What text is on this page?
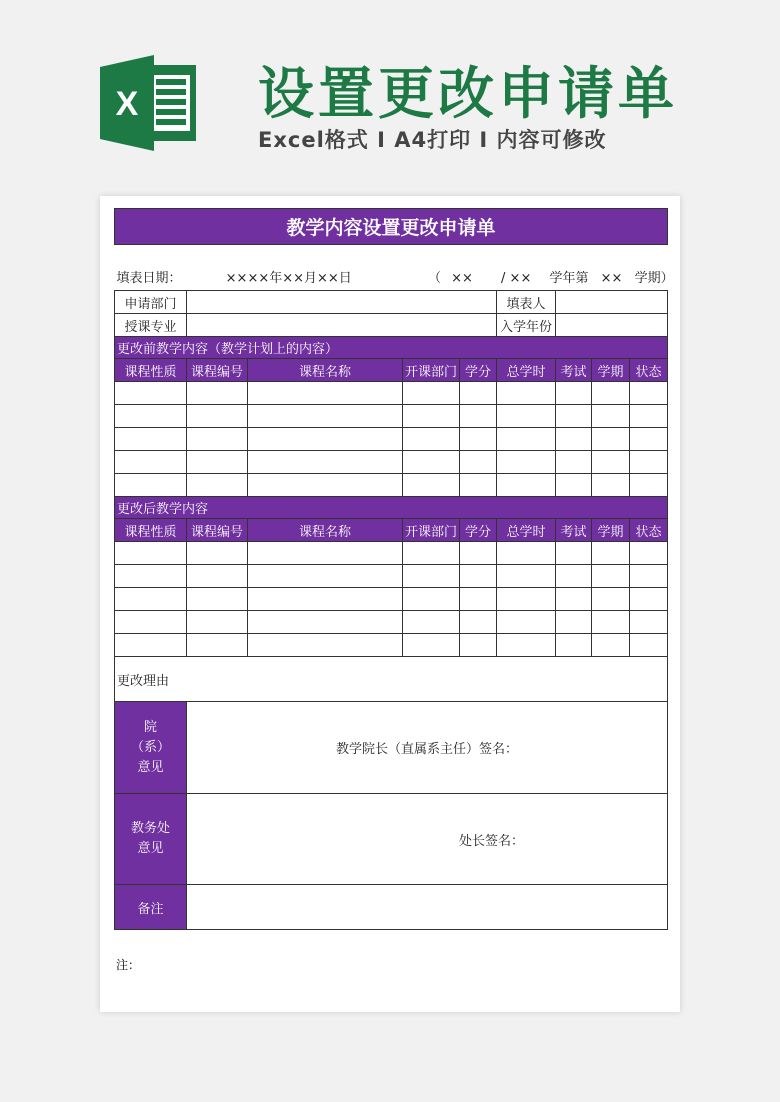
X 设置更改申请单
Excel格式 I A4打印 I 内容可修改
教学内容设置更改申请单								

填表日期： ××××年××月××日 （ ×× / ×× 学年第 ×× 学期）								
申请部门					填表人			
授课专业					入学年份			
更改前教学内容（教学计划上的内容）								
课程性质	课程编号	课程名称	开课部门	学分	总学时	考试	学期	状态

更改后教学内容								
课程性质	课程编号	课程名称	开课部门	学分	总学时	考试	学期	状态

更改理由								

院
（系）
意见	教学院长（直属系主任）签名：							

教务处
意见	处长签名：							
备注								
注：
